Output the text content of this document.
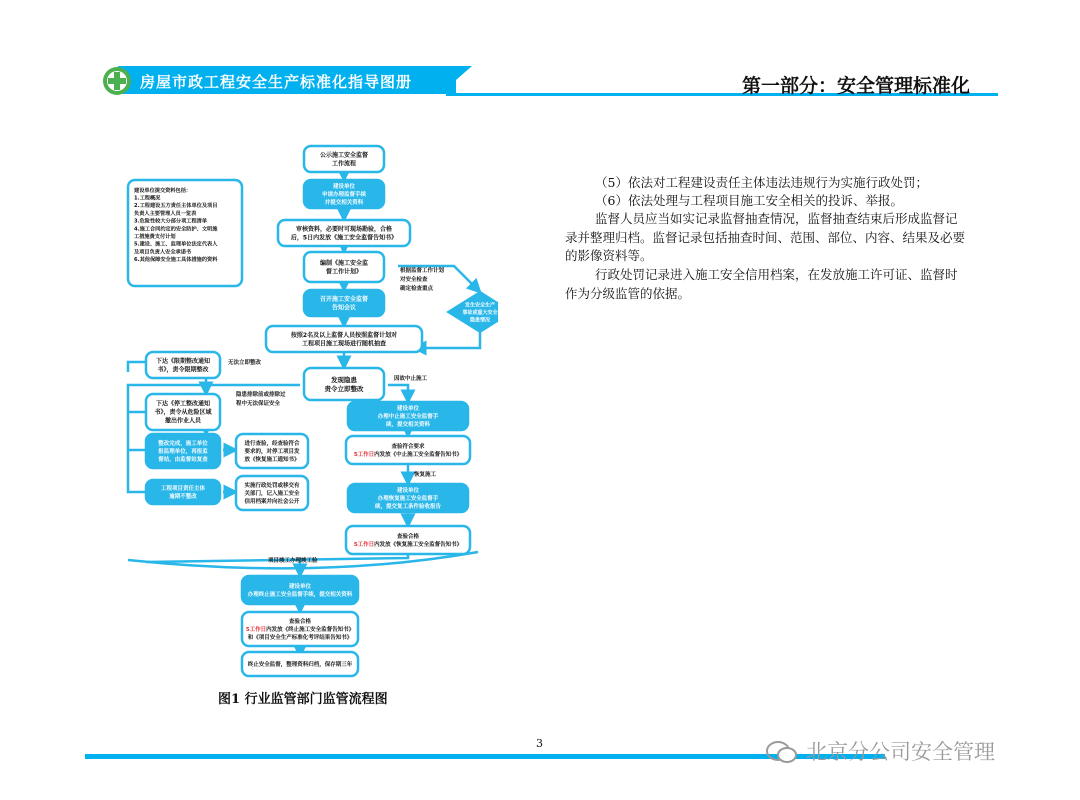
房屋市政工程安全生产标准化指导图册	第一部分：安全管理标准化
（5）依法对工程建设责任主体违法违规行为实施行政处罚；
（6）依法处理与工程项目施工安全相关的投诉、举报。
监督人员应当如实记录监督抽查情况，监督抽查结束后形成监督记录并整理归档。监督记录包括抽查时间、范围、部位、内容、结果及必要的影像资料等。
行政处罚记录进入施工安全信用档案，在发放施工许可证、监督时作为分级监管的依据。
公示施工安全监督
工作流程
建设单位
申请办理监督手续
并提交相关资料
审核资料，必要时可现场勘验，合格
后，5日内发放《施工安全监督告知书》
编制《施工安全监
督工作计划》
召开施工安全监督
告知会议
按照2名及以上监督人员按照监督计划对
工程项目施工现场进行随机抽查
发现隐患
责令立即整改
建设单位提交资料包括：
1.工程概况
2.工程建设五方责任主体单位及项目
负责人主要管理人员一览表
3.危险性较大分部分项工程清单
4.施工合同约定的安全防护、文明施
工措施费支付计划
5.建设、施工、监理单位法定代表人
及项目负责人安全承诺书
6.其他保障安全施工具体措施的资料
下达《限期整改通知
书》，责令限期整改
下达《停工整改通知
书》，责令从危险区域
撤出作业人员
整改完成，施工单位
报监理单位，再报监
督站，由监督站复查
工程项目责任主体
逾期不整改
进行查验，经查验符合
要求的，对停工项目发
放《恢复施工通知书》
实施行政处罚或移交有
关部门，记入施工安全
信用档案并向社会公开
建设单位
办理中止施工安全监督手
续，提交相关资料
查验符合要求
5工作日内发放《中止施工安全监督告知书》
建设单位
办理恢复施工安全监督手
续，提交复工条件验收报告
查验合格
5工作日内发放《恢复施工安全监督告知书》
建设单位
办理终止施工安全监督手续，提交相关资料
查验合格
5工作日内发放《终止施工安全监督告知书》
和《项目安全生产标准化考评结果告知书》
终止安全监督，整理资料归档，保存期三年
发生安全生产
事故或重大安全
隐患情况
根据监督工作计划
对安全检查
确定检查重点
无法立即整改
隐患排除前或排除过
程中无法保证安全
因故中止施工
恢复施工
项目竣工办理竣工验
图1 行业监管部门监管流程图
3	北京分公司安全管理
